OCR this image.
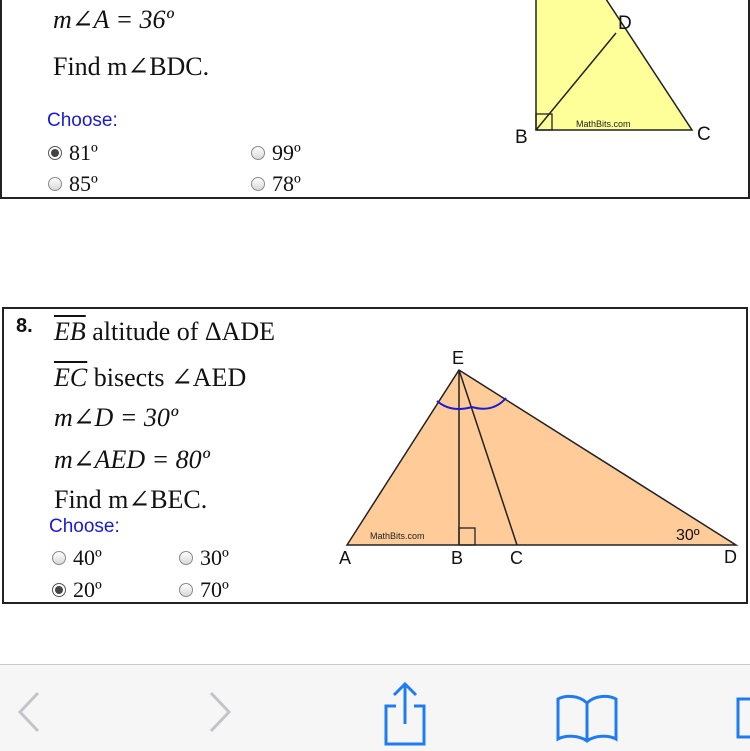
m∠A = 36º
Find m∠BDC.
Choose:
81º	99º
85º	78º
MathBits.com
D
B	C
8. $\overline{EB}$ altitude of ΔADE
$\overline{EC}$ bisects ∠AED
m∠D = 30º
m∠AED = 80º
Find m∠BEC.
Choose:
40º	30º
20º	70º
MathBits.com	30º
E
A	B	C	D
